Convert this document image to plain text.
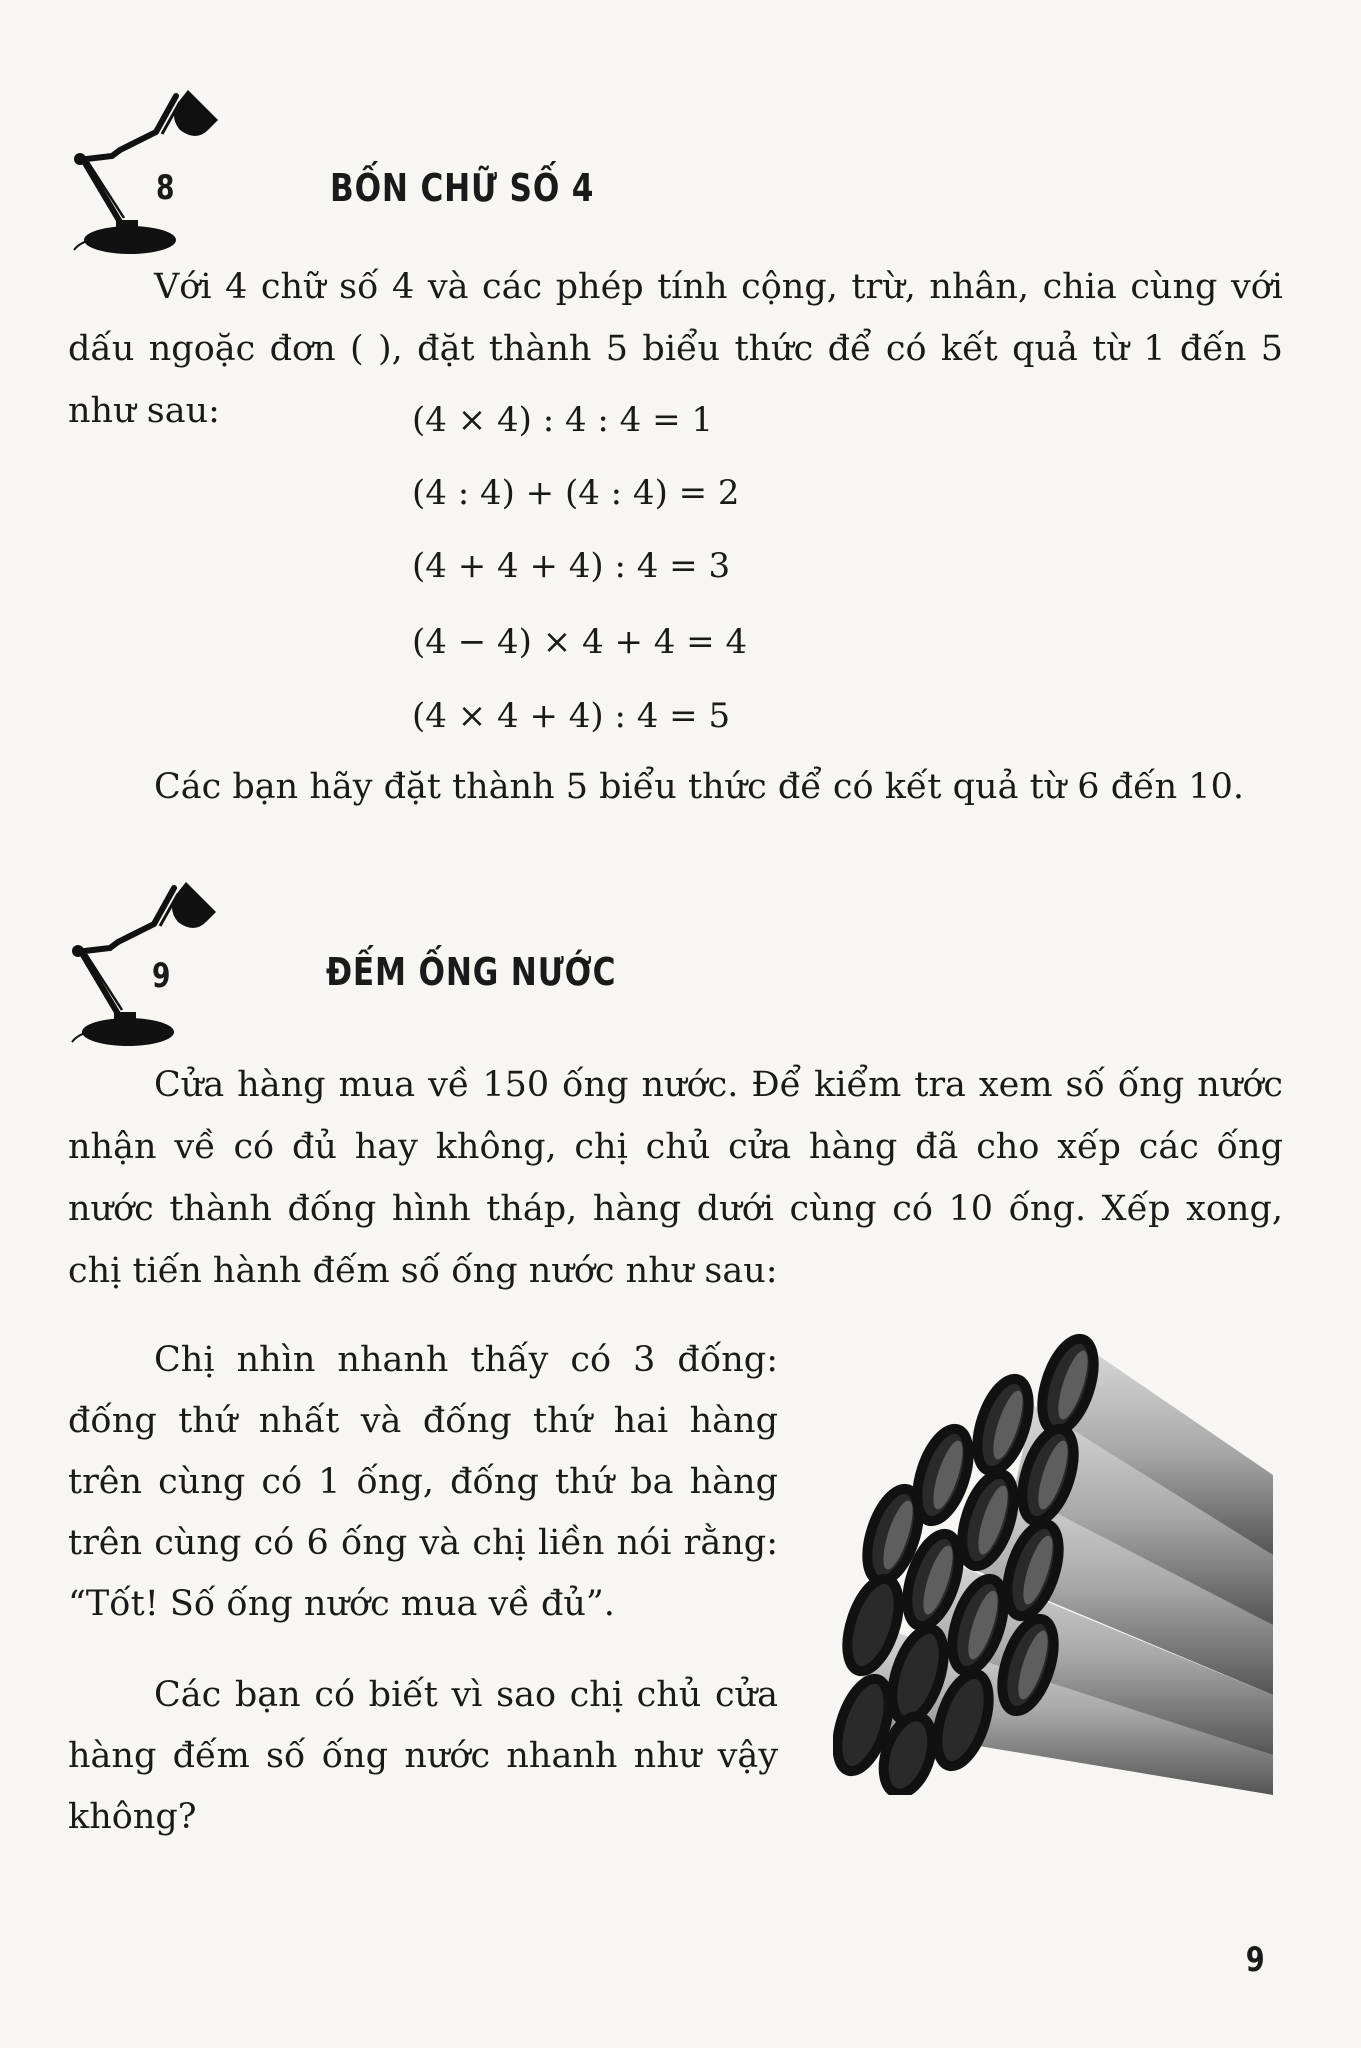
8	BỐN CHỮ SỐ 4

Với 4 chữ số 4 và các phép tính cộng, trừ, nhân, chia cùng với dấu ngoặc đơn ( ), đặt thành 5 biểu thức để có kết quả từ 1 đến 5 như sau:	(4 × 4) : 4 : 4 = 1
(4 : 4) + (4 : 4) = 2
(4 + 4 + 4) : 4 = 3
(4 − 4) × 4 + 4 = 4
(4 × 4 + 4) : 4 = 5

Các bạn hãy đặt thành 5 biểu thức để có kết quả từ 6 đến 10.

9	ĐẾM ỐNG NƯỚC

Cửa hàng mua về 150 ống nước. Để kiểm tra xem số ống nước nhận về có đủ hay không, chị chủ cửa hàng đã cho xếp các ống nước thành đống hình tháp, hàng dưới cùng có 10 ống. Xếp xong, chị tiến hành đếm số ống nước như sau:

Chị nhìn nhanh thấy có 3 đống: đống thứ nhất và đống thứ hai hàng trên cùng có 1 ống, đống thứ ba hàng trên cùng có 6 ống và chị liền nói rằng: “Tốt! Số ống nước mua về đủ”.

Các bạn có biết vì sao chị chủ cửa hàng đếm số ống nước nhanh như vậy không?

9
